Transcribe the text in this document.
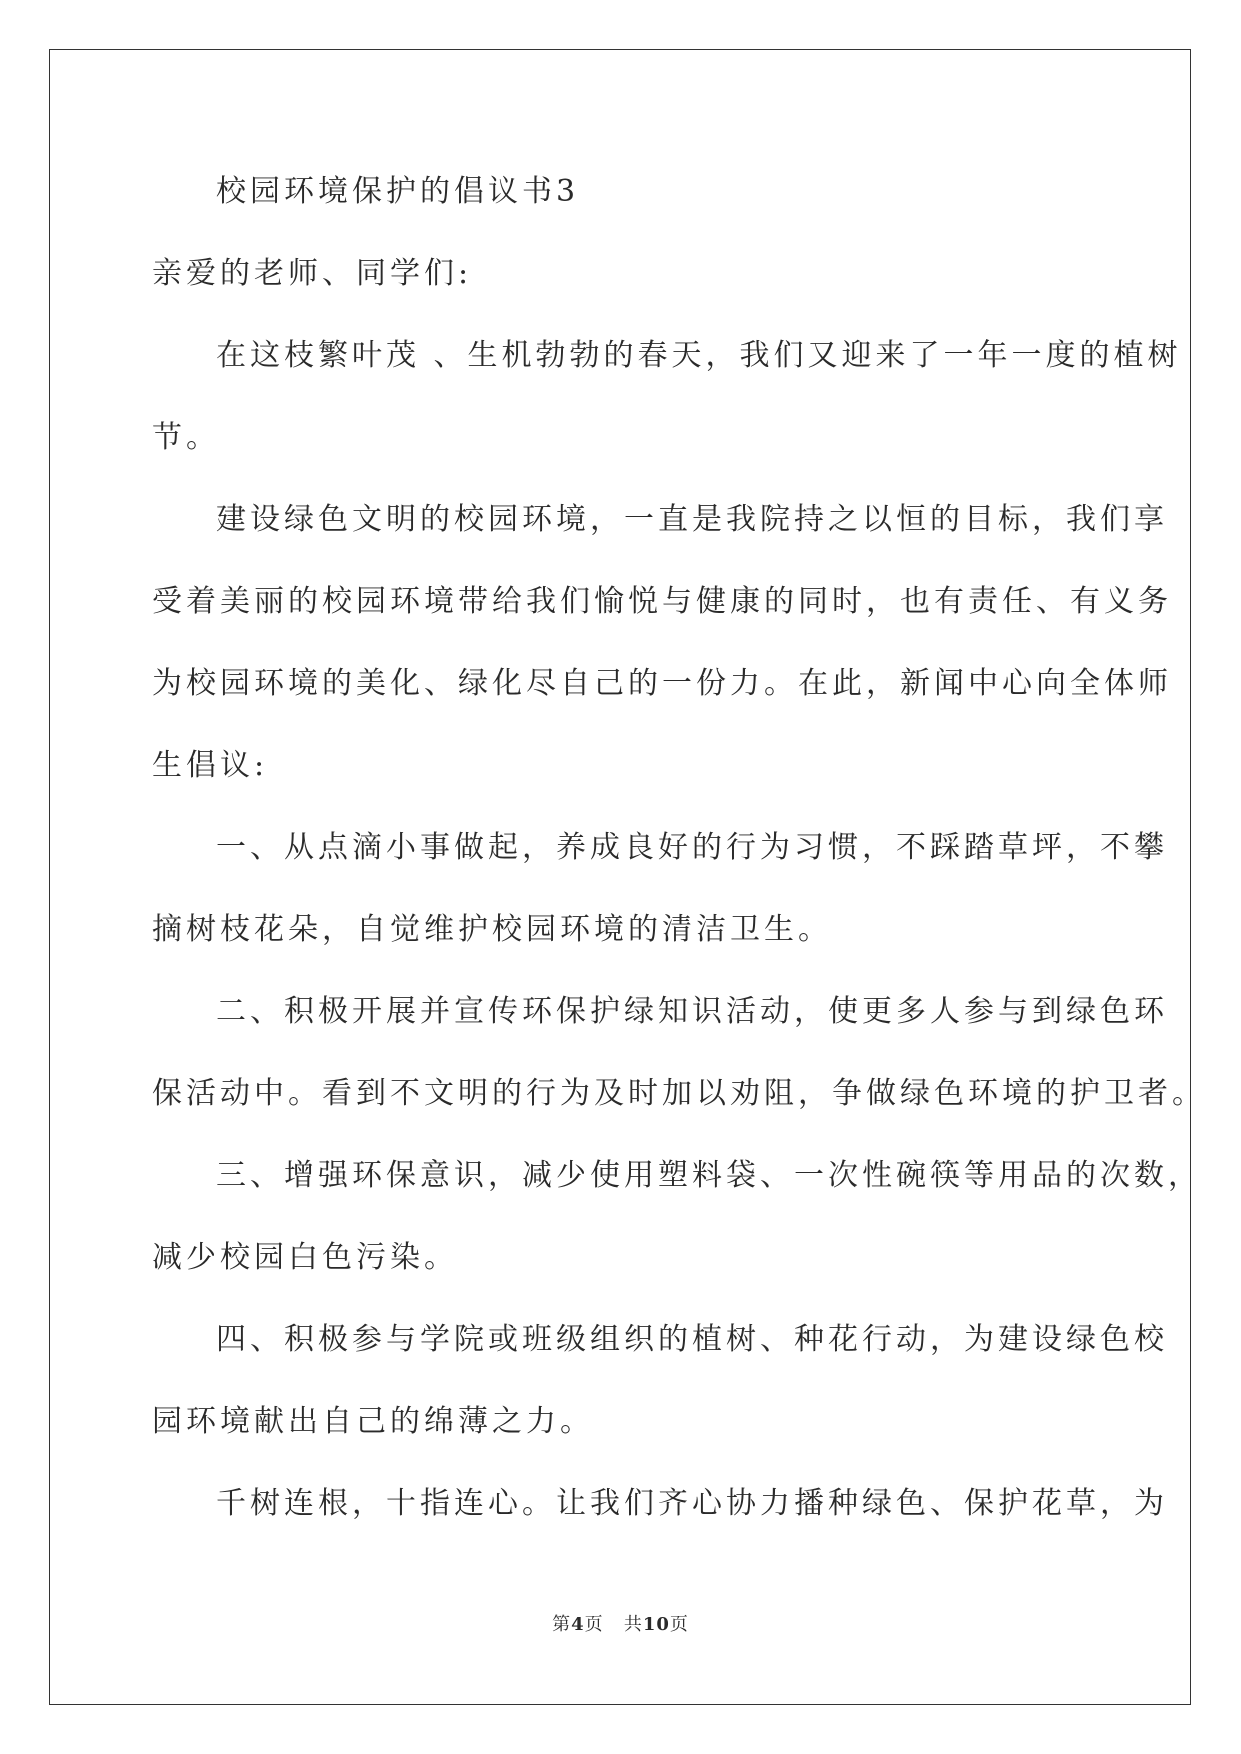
校园环境保护的倡议书3
亲爱的老师、同学们:
在这枝繁叶茂 、生机勃勃的春天，我们又迎来了一年一度的植树
节。
建设绿色文明的校园环境，一直是我院持之以恒的目标，我们享
受着美丽的校园环境带给我们愉悦与健康的同时，也有责任、有义务
为校园环境的美化、绿化尽自己的一份力。在此，新闻中心向全体师
生倡议:
一、从点滴小事做起，养成良好的行为习惯，不踩踏草坪，不攀
摘树枝花朵，自觉维护校园环境的清洁卫生。
二、积极开展并宣传环保护绿知识活动，使更多人参与到绿色环
保活动中。看到不文明的行为及时加以劝阻，争做绿色环境的护卫者。
三、增强环保意识，减少使用塑料袋、一次性碗筷等用品的次数，
减少校园白色污染。
四、积极参与学院或班级组织的植树、种花行动，为建设绿色校
园环境献出自己的绵薄之力。
千树连根，十指连心。让我们齐心协力播种绿色、保护花草，为
第4页 共10页
